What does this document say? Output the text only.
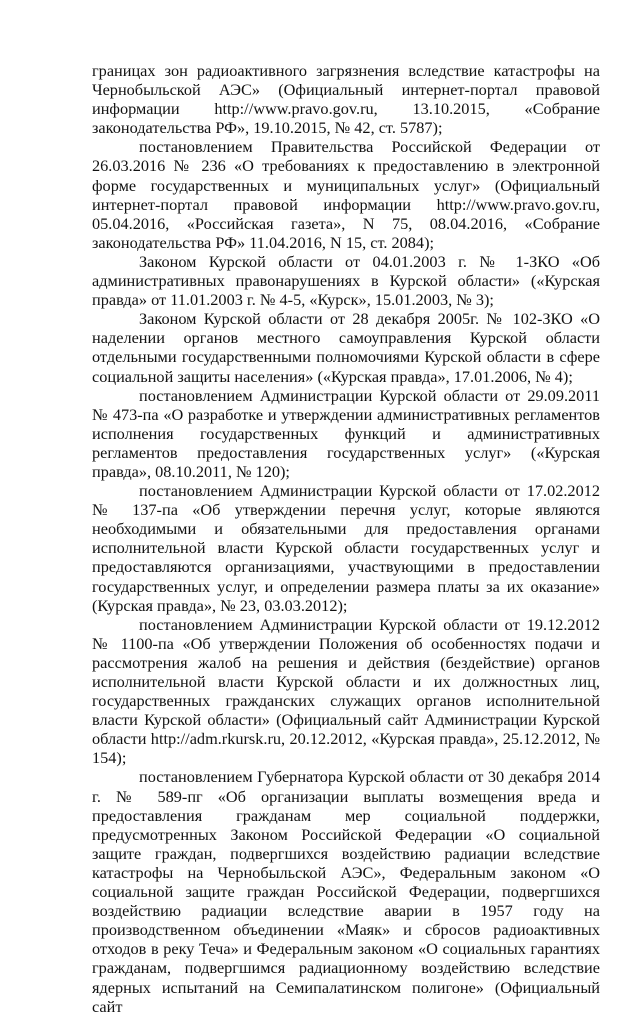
границах зон радиоактивного загрязнения вследствие катастрофы на Чернобыльской АЭС» (Официальный интернет-портал правовой информации http://www.pravo.gov.ru, 13.10.2015, «Собрание законодательства РФ», 19.10.2015, № 42, ст. 5787);

постановлением Правительства Российской Федерации от 26.03.2016 № 236 «О требованиях к предоставлению в электронной форме государственных и муниципальных услуг» (Официальный интернет-портал правовой информации http://www.pravo.gov.ru, 05.04.2016, «Российская газета», N 75, 08.04.2016, «Собрание законодательства РФ» 11.04.2016, N 15, ст. 2084);

Законом Курской области от 04.01.2003 г. № 1-ЗКО «Об административных правонарушениях в Курской области» («Курская правда» от 11.01.2003 г. № 4-5, «Курск», 15.01.2003, № 3);

Законом Курской области от 28 декабря 2005г. № 102-ЗКО «О наделении органов местного самоуправления Курской области отдельными государственными полномочиями Курской области в сфере социальной защиты населения» («Курская правда», 17.01.2006, № 4);

постановлением Администрации Курской области от 29.09.2011 № 473-па «О разработке и утверждении административных регламентов исполнения государственных функций и административных регламентов предоставления государственных услуг» («Курская правда», 08.10.2011, № 120);

постановлением Администрации Курской области от 17.02.2012 № 137-па «Об утверждении перечня услуг, которые являются необходимыми и обязательными для предоставления органами исполнительной власти Курской области государственных услуг и предоставляются организациями, участвующими в предоставлении государственных услуг, и определении размера платы за их оказание» (Курская правда», № 23, 03.03.2012);

постановлением Администрации Курской области от 19.12.2012 № 1100-па «Об утверждении Положения об особенностях подачи и рассмотрения жалоб на решения и действия (бездействие) органов исполнительной власти Курской области и их должностных лиц, государственных гражданских служащих органов исполнительной власти Курской области» (Официальный сайт Администрации Курской области http://adm.rkursk.ru, 20.12.2012, «Курская правда», 25.12.2012, № 154);

постановлением Губернатора Курской области от 30 декабря 2014 г. № 589-пг «Об организации выплаты возмещения вреда и предоставления гражданам мер социальной поддержки, предусмотренных Законом Российской Федерации «О социальной защите граждан, подвергшихся воздействию радиации вследствие катастрофы на Чернобыльской АЭС», Федеральным законом «О социальной защите граждан Российской Федерации, подвергшихся воздействию радиации вследствие аварии в 1957 году на производственном объединении «Маяк» и сбросов радиоактивных отходов в реку Теча» и Федеральным законом «О социальных гарантиях гражданам, подвергшимся радиационному воздействию вследствие ядерных испытаний на Семипалатинском полигоне» (Официальный сайт
